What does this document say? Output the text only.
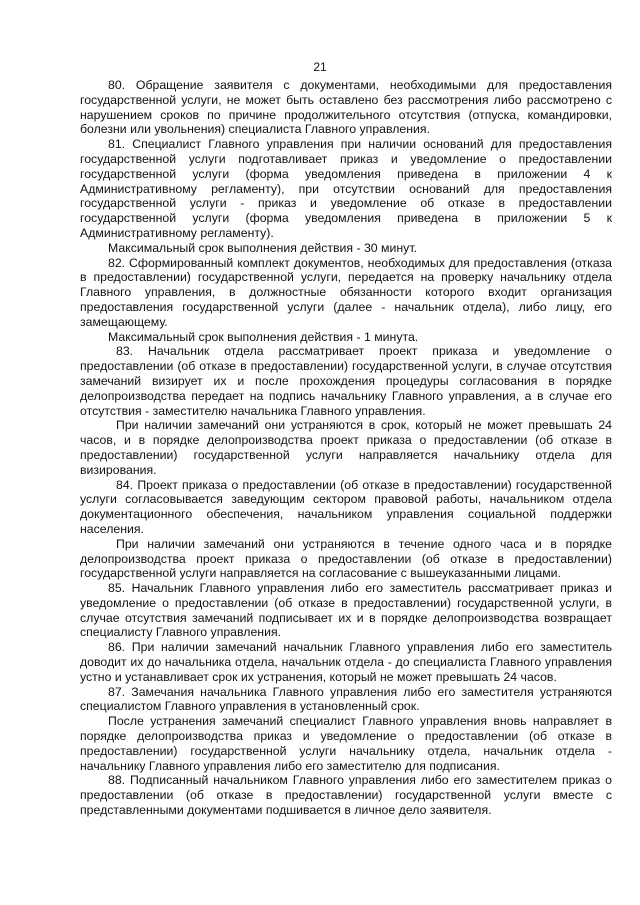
21

80. Обращение заявителя с документами, необходимыми для предоставления государственной услуги, не может быть оставлено без рассмотрения либо рассмотрено с нарушением сроков по причине продолжительного отсутствия (отпуска, командировки, болезни или увольнения) специалиста Главного управления.

81. Специалист Главного управления при наличии оснований для предоставления государственной услуги подготавливает приказ и уведомление о предоставлении государственной услуги (форма уведомления приведена в приложении 4 к Административному регламенту), при отсутствии оснований для предоставления государственной услуги - приказ и уведомление об отказе в предоставлении государственной услуги (форма уведомления приведена в приложении 5 к Административному регламенту).

Максимальный срок выполнения действия - 30 минут.

82. Сформированный комплект документов, необходимых для предоставления (отказа в предоставлении) государственной услуги, передается на проверку начальнику отдела Главного управления, в должностные обязанности которого входит организация предоставления государственной услуги (далее - начальник отдела), либо лицу, его замещающему.

Максимальный срок выполнения действия - 1 минута.

83. Начальник отдела рассматривает проект приказа и уведомление о предоставлении (об отказе в предоставлении) государственной услуги, в случае отсутствия замечаний визирует их и после прохождения процедуры согласования в порядке делопроизводства передает на подпись начальнику Главного управления, а в случае его отсутствия - заместителю начальника Главного управления.

При наличии замечаний они устраняются в срок, который не может превышать 24 часов, и в порядке делопроизводства проект приказа о предоставлении (об отказе в предоставлении) государственной услуги направляется начальнику отдела для визирования.

84. Проект приказа о предоставлении (об отказе в предоставлении) государственной услуги согласовывается заведующим сектором правовой работы, начальником отдела документационного обеспечения, начальником управления социальной поддержки населения.

При наличии замечаний они устраняются в течение одного часа и в порядке делопроизводства проект приказа о предоставлении (об отказе в предоставлении) государственной услуги направляется на согласование с вышеуказанными лицами.

85. Начальник Главного управления либо его заместитель рассматривает приказ и уведомление о предоставлении (об отказе в предоставлении) государственной услуги, в случае отсутствия замечаний подписывает их и в порядке делопроизводства возвращает специалисту Главного управления.

86. При наличии замечаний начальник Главного управления либо его заместитель доводит их до начальника отдела, начальник отдела - до специалиста Главного управления устно и устанавливает срок их устранения, который не может превышать 24 часов.

87. Замечания начальника Главного управления либо его заместителя устраняются специалистом Главного управления в установленный срок.

После устранения замечаний специалист Главного управления вновь направляет в порядке делопроизводства приказ и уведомление о предоставлении (об отказе в предоставлении) государственной услуги начальнику отдела, начальник отдела - начальнику Главного управления либо его заместителю для подписания.

88. Подписанный начальником Главного управления либо его заместителем приказ о предоставлении (об отказе в предоставлении) государственной услуги вместе с представленными документами подшивается в личное дело заявителя.
